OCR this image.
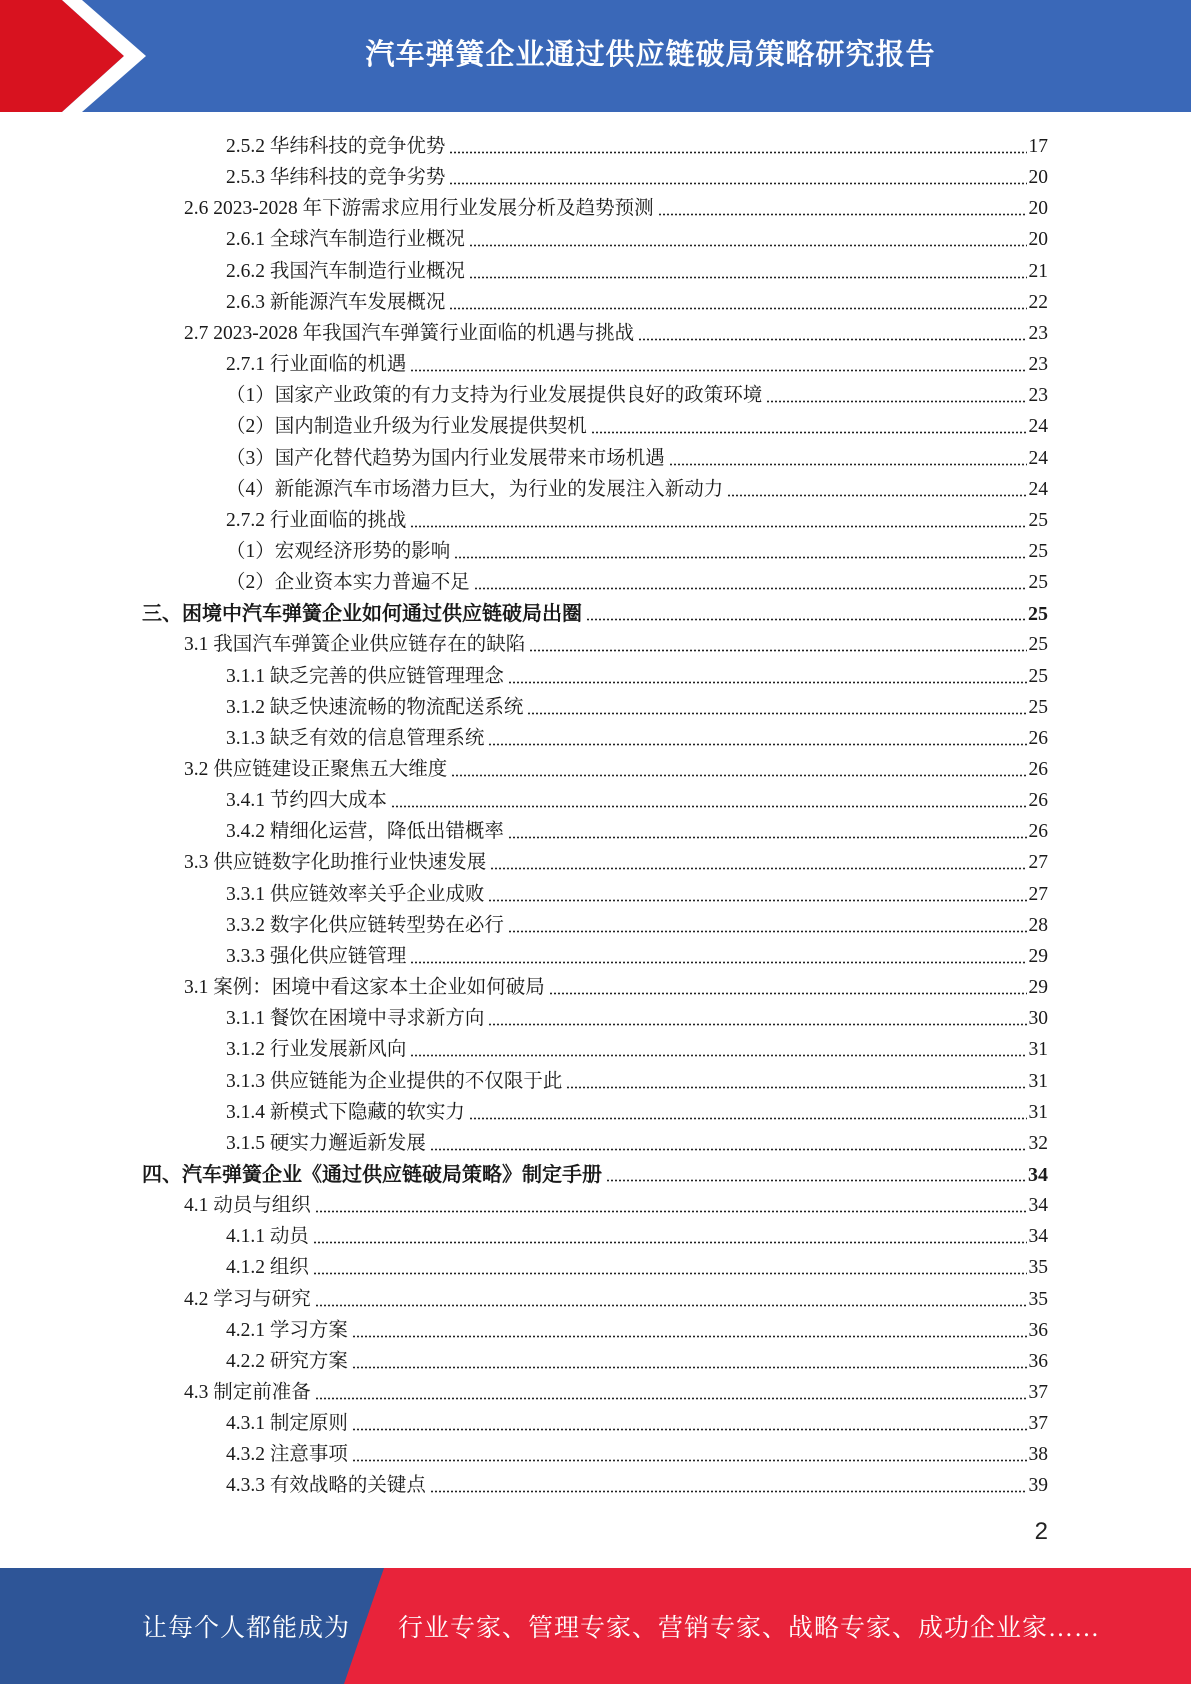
汽车弹簧企业通过供应链破局策略研究报告
2.5.2 华纬科技的竞争优势	17
2.5.3 华纬科技的竞争劣势	20
2.6 2023-2028 年下游需求应用行业发展分析及趋势预测	20
2.6.1 全球汽车制造行业概况	20
2.6.2 我国汽车制造行业概况	21
2.6.3 新能源汽车发展概况	22
2.7 2023-2028 年我国汽车弹簧行业面临的机遇与挑战	23
2.7.1 行业面临的机遇	23
（1）国家产业政策的有力支持为行业发展提供良好的政策环境	23
（2）国内制造业升级为行业发展提供契机	24
（3）国产化替代趋势为国内行业发展带来市场机遇	24
（4）新能源汽车市场潜力巨大，为行业的发展注入新动力	24
2.7.2 行业面临的挑战	25
（1）宏观经济形势的影响	25
（2）企业资本实力普遍不足	25
三、困境中汽车弹簧企业如何通过供应链破局出圈	25
3.1 我国汽车弹簧企业供应链存在的缺陷	25
3.1.1 缺乏完善的供应链管理理念	25
3.1.2 缺乏快速流畅的物流配送系统	25
3.1.3 缺乏有效的信息管理系统	26
3.2 供应链建设正聚焦五大维度	26
3.4.1 节约四大成本	26
3.4.2 精细化运营，降低出错概率	26
3.3 供应链数字化助推行业快速发展	27
3.3.1 供应链效率关乎企业成败	27
3.3.2 数字化供应链转型势在必行	28
3.3.3 强化供应链管理	29
3.1 案例：困境中看这家本土企业如何破局	29
3.1.1 餐饮在困境中寻求新方向	30
3.1.2 行业发展新风向	31
3.1.3 供应链能为企业提供的不仅限于此	31
3.1.4 新模式下隐藏的软实力	31
3.1.5 硬实力邂逅新发展	32
四、汽车弹簧企业《通过供应链破局策略》制定手册	34
4.1 动员与组织	34
4.1.1 动员	34
4.1.2 组织	35
4.2 学习与研究	35
4.2.1 学习方案	36
4.2.2 研究方案	36
4.3 制定前准备	37
4.3.1 制定原则	37
4.3.2 注意事项	38
4.3.3 有效战略的关键点	39
2
让每个人都能成为 行业专家、管理专家、营销专家、战略专家、成功企业家……
